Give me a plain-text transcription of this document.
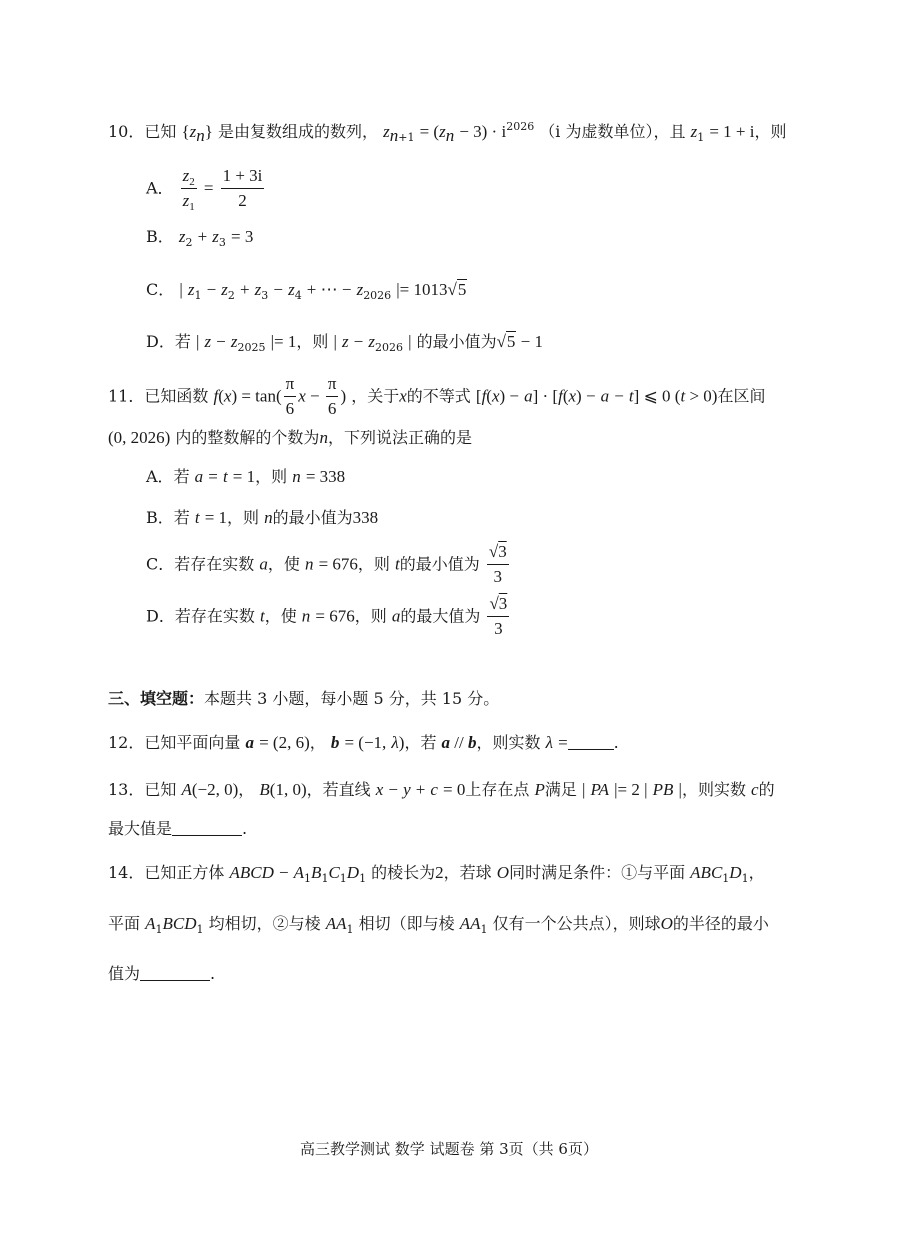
10．已知 $\{z_n\}$ 是由复数组成的数列， $z_{n+1} = (z_n - 3) \cdot i^{2026}$ （i 为虚数单位），且 $z_1 = 1 + i$，则
A． $\frac{z_2}{z_1} = \frac{1 + 3i}{2}$
B． $z_2 + z_3 = 3$
C． | $z_1 - z_2 + z_3 - z_4$ + ⋯ − $z_{2026}$ |= 1013√5
D．若 | $z - z_{2025}$ |= 1，则 | $z - z_{2026}$ | 的最小值为√5 − 1
11．已知函数 $f(x) = \tan( \frac{\pi}{6}$ $x - \frac{\pi}{6}$ ) ，关于x的不等式 [f(x) − a] · [f(x) − a − t] ⩽ 0 (t > 0)在区间
(0, 2026) 内的整数解的个数为n，下列说法正确的是
A．若 a = t = 1，则 n = 338
B．若 t = 1，则 n的最小值为338
C．若存在实数 a，使 n = 676，则 t的最小值为 $\frac{√3}{3}$
D．若存在实数 t，使 n = 676，则 a的最大值为 $\frac{√3}{3}$
三、填空题：本题共 3 小题，每小题 5 分，共 15 分。
12．已知平面向量 a = (2, 6)， b = (−1, λ)，若 a // b，则实数 λ =	.
13．已知 A(−2, 0)， B(1, 0)，若直线 x − y + c = 0上存在点 P满足 | PA |= 2 | PB |，则实数 c的
最大值是	.
14．已知正方体 ABCD − $A_1B_1C_1D_1$ 的棱长为2，若球 O同时满足条件：①与平面 $ABC_1D_1$，
平面 $A_1BCD_1$ 均相切，②与棱 $AA_1$ 相切（即与棱 $AA_1$ 仅有一个公共点），则球O的半径的最小
值为	.
高三教学测试 数学 试题卷 第 3页（共 6页）
